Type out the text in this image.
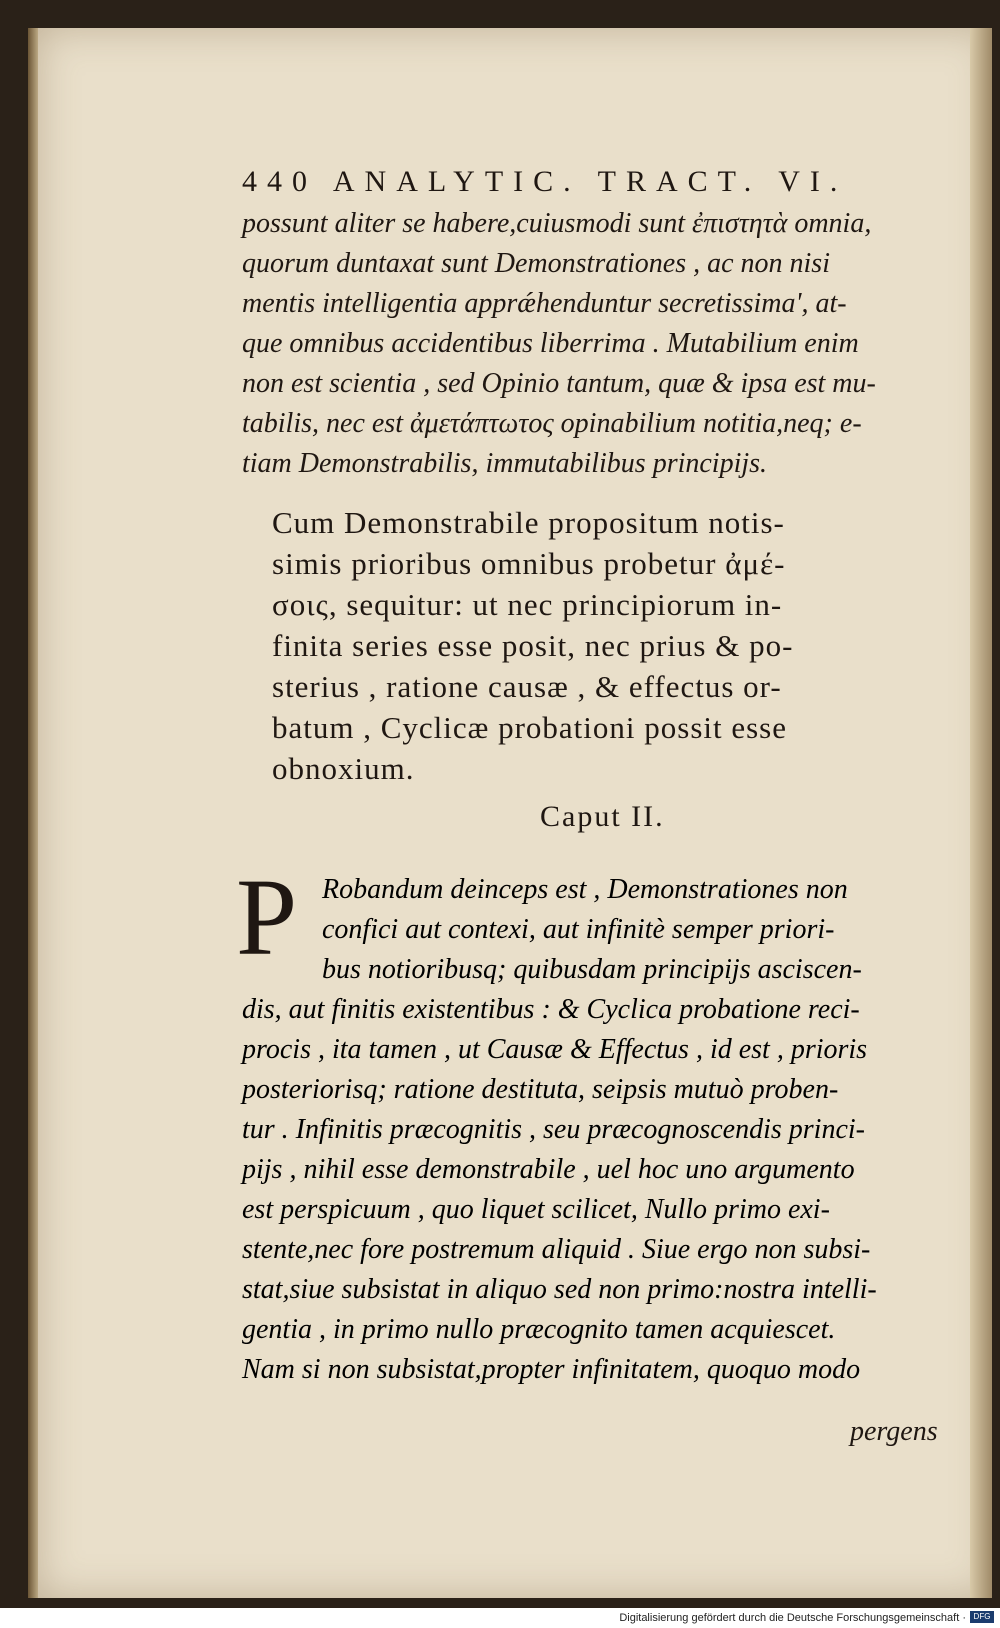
440 ANALYTIC. TRACT. VI.
possunt aliter se habere,cuiusmodi sunt ἐπιστητὰ omnia,
quorum duntaxat sunt Demonstrationes , ac non nisi
mentis intelligentia apprǽhenduntur secretissima', at-
que omnibus accidentibus liberrima . Mutabilium enim
non est scientia , sed Opinio tantum, quæ & ipsa est mu-
tabilis, nec est ἀμετάπτωτος opinabilium notitia,neq; e-
tiam Demonstrabilis, immutabilibus principijs.
Cum Demonstrabile propositum notis-
simis prioribus omnibus probetur ἀμέ-
σοις, sequitur: ut nec principiorum in-
finita series esse posit, nec prius & po-
sterius , ratione causæ , & effectus or-
batum , Cyclicæ probationi possit esse
obnoxium.
Caput II.
P Robandum deinceps est , Demonstrationes non
confici aut contexi, aut infinitè semper priori-
bus notioribusq; quibusdam principijs asciscen-
dis, aut finitis existentibus : & Cyclica probatione reci-
procis , ita tamen , ut Causæ & Effectus , id est , prioris
posteriorisq; ratione destituta, seipsis mutuò proben-
tur . Infinitis præcognitis , seu præcognoscendis princi-
pijs , nihil esse demonstrabile , uel hoc uno argumento
est perspicuum , quo liquet scilicet, Nullo primo exi-
stente,nec fore postremum aliquid . Siue ergo non subsi-
stat,siue subsistat in aliquo sed non primo:nostra intelli-
gentia , in primo nullo præcognito tamen acquiescet.
Nam si non subsistat,propter infinitatem, quoquo modo
pergens
Digitalisierung gefördert durch die Deutsche Forschungsgemeinschaft · DFG
